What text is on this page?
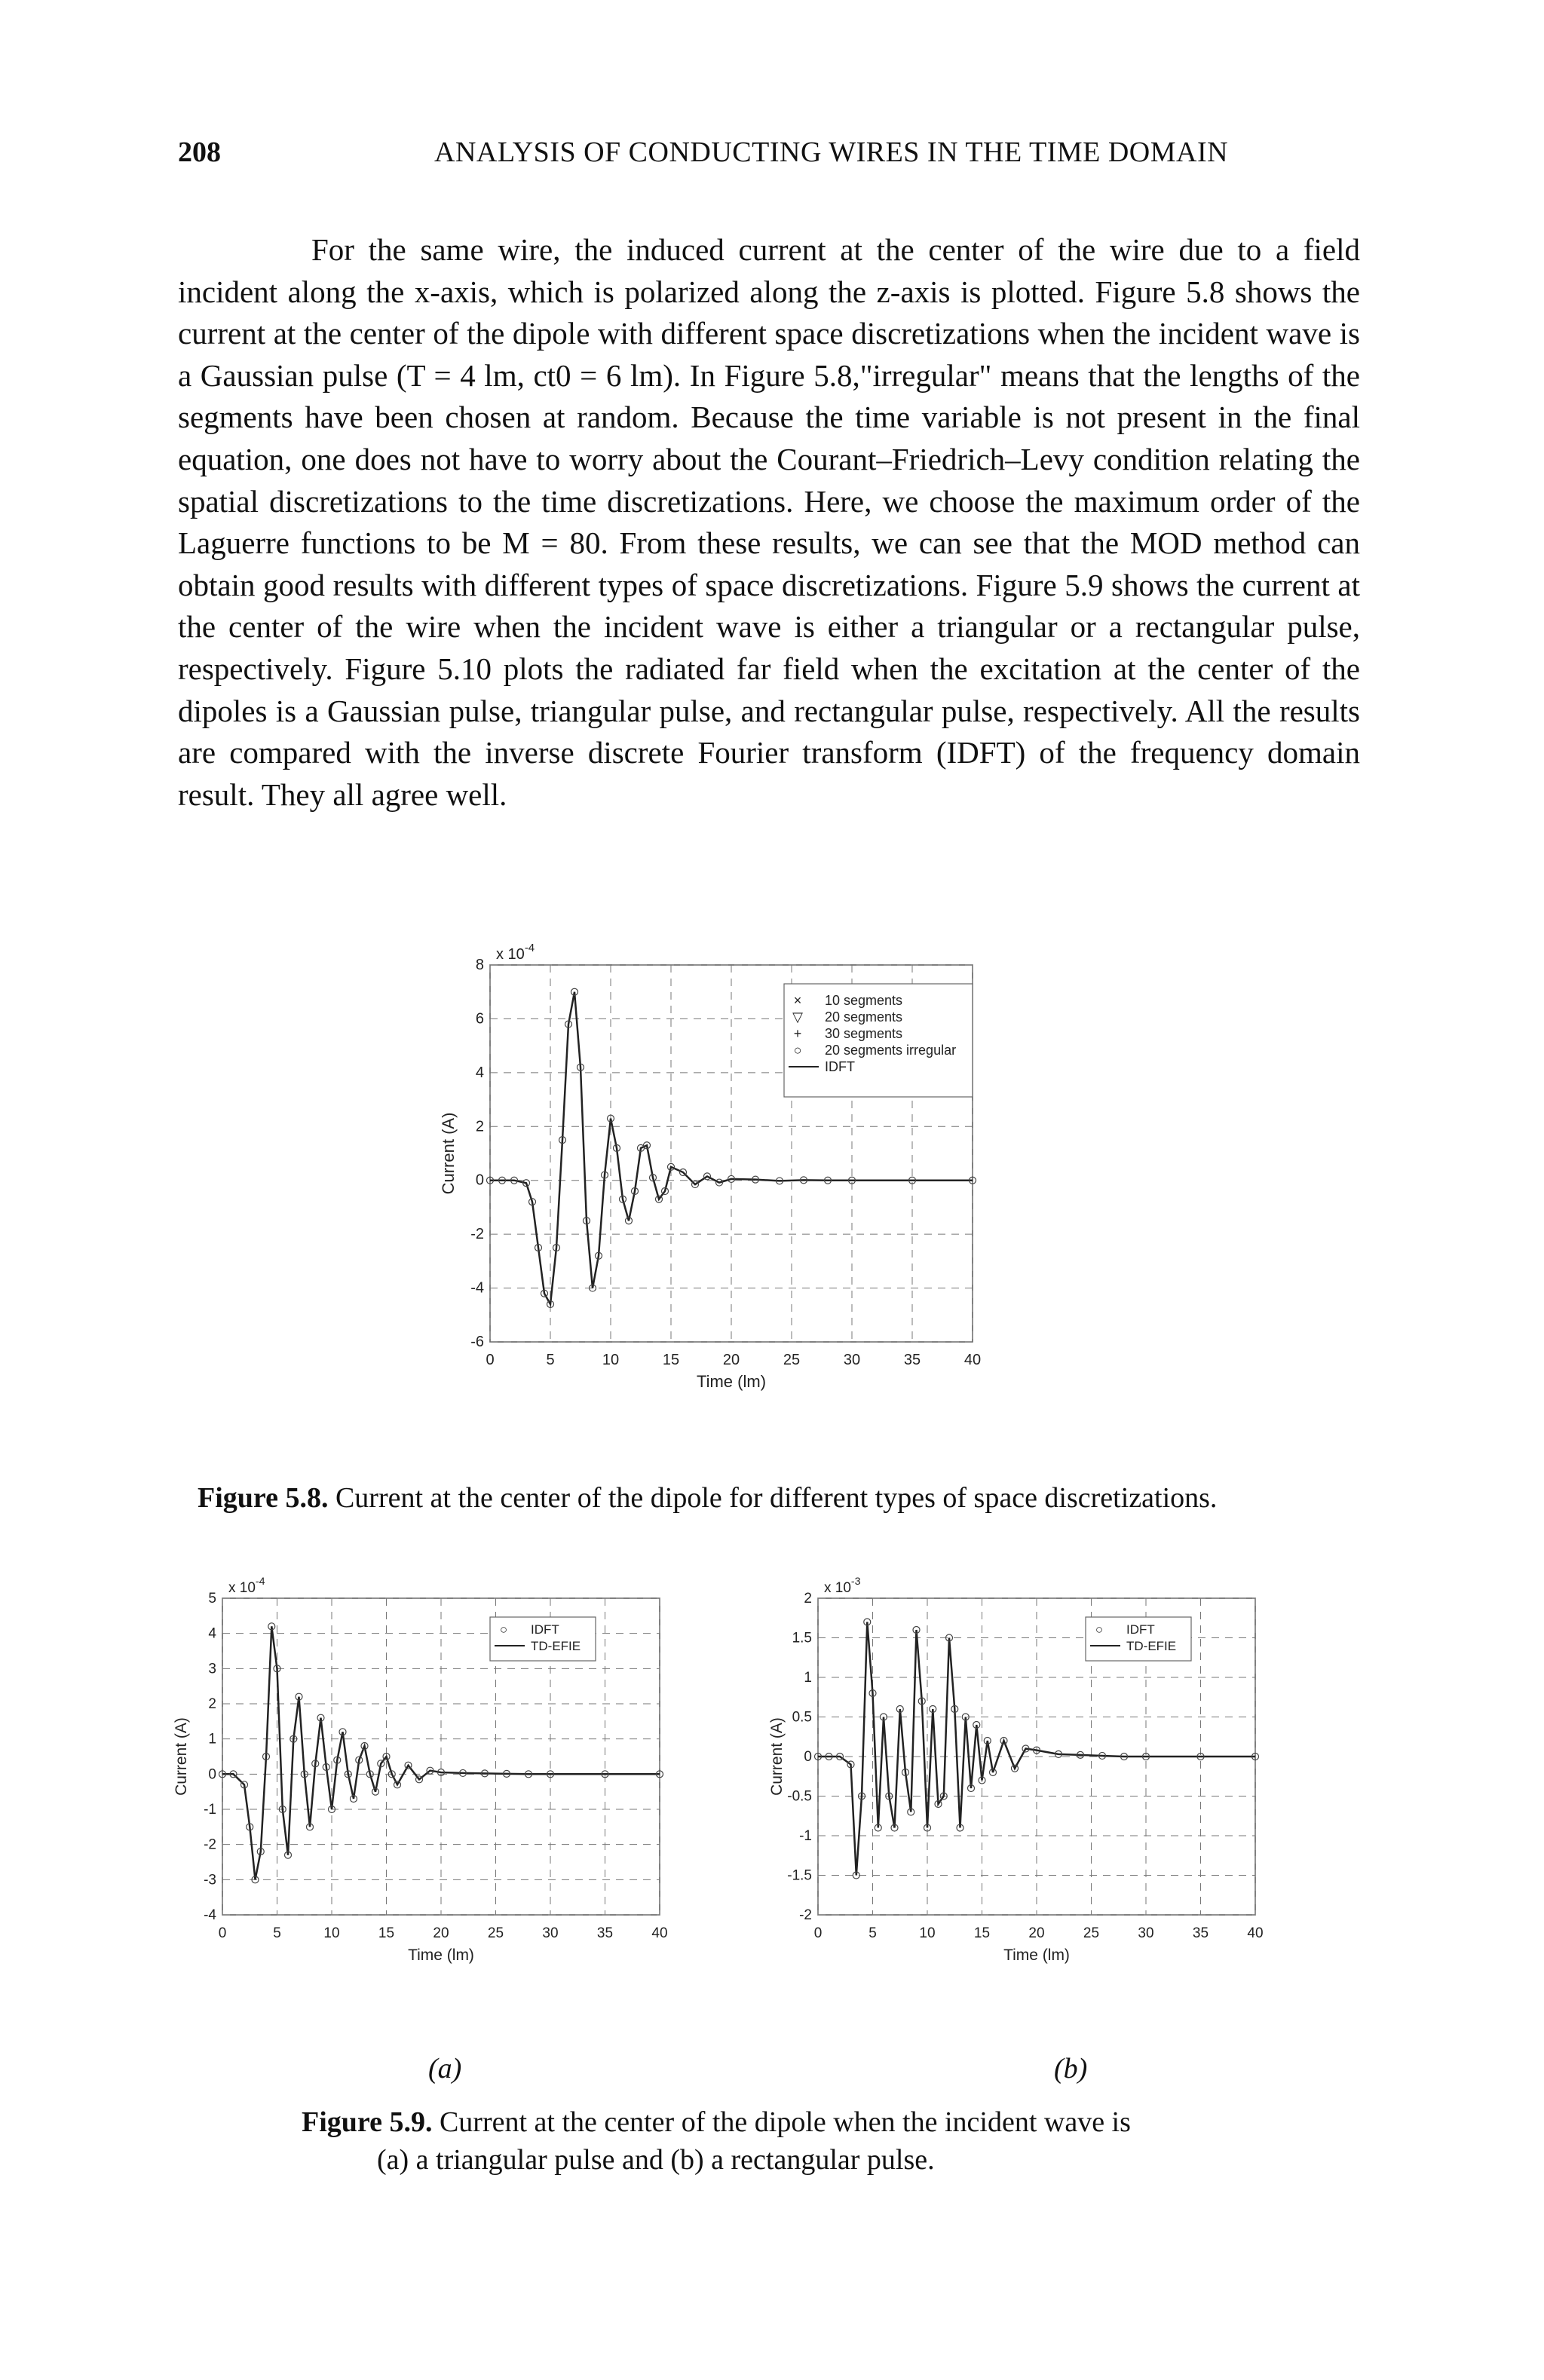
208	ANALYSIS OF CONDUCTING WIRES IN THE TIME DOMAIN

For the same wire, the induced current at the center of the wire due to a field incident along the x-axis, which is polarized along the z-axis is plotted. Figure 5.8 shows the current at the center of the dipole with different space discretizations when the incident wave is a Gaussian pulse (T = 4 lm, ct0 = 6 lm). In Figure 5.8,"irregular" means that the lengths of the segments have been chosen at random. Because the time variable is not present in the final equation, one does not have to worry about the Courant–Friedrich–Levy condition relating the spatial discretizations to the time discretizations. Here, we choose the maximum order of the Laguerre functions to be M = 80. From these results, we can see that the MOD method can obtain good results with different types of space discretizations. Figure 5.9 shows the current at the center of the wire when the incident wave is either a triangular or a rectangular pulse, respectively. Figure 5.10 plots the radiated far field when the excitation at the center of the dipoles is a Gaussian pulse, triangular pulse, and rectangular pulse, respectively. All the results are compared with the inverse discrete Fourier transform (IDFT) of the frequency domain result. They all agree well.

-6
-4
-2
0
2
4
6
8
0	5	10	15	20	25	30	35	40
x $10^{-4}$
Time (lm)
Current (A)
× 10 segments
▽ 20 segments
+ 30 segments
○ 20 segments irregular
IDFT
Figure 5.8. Current at the center of the dipole for different types of space discretizations.
-4
-3
-2
-1
0
1
2
3
4
5
0	5	10	15	20	25	30	35	40
x $10^{-4}$
Time (lm)
Current (A)
○ IDFT
TD-EFIE
-2
-1.5
-1
-0.5
0
0.5
1
1.5
2
0	5	10	15	20	25	30	35	40
x $10^{-3}$
Time (lm)
Current (A)
○ IDFT
TD-EFIE
(a)	(b)
Figure 5.9. Current at the center of the dipole when the incident wave is
(a) a triangular pulse and (b) a rectangular pulse.
